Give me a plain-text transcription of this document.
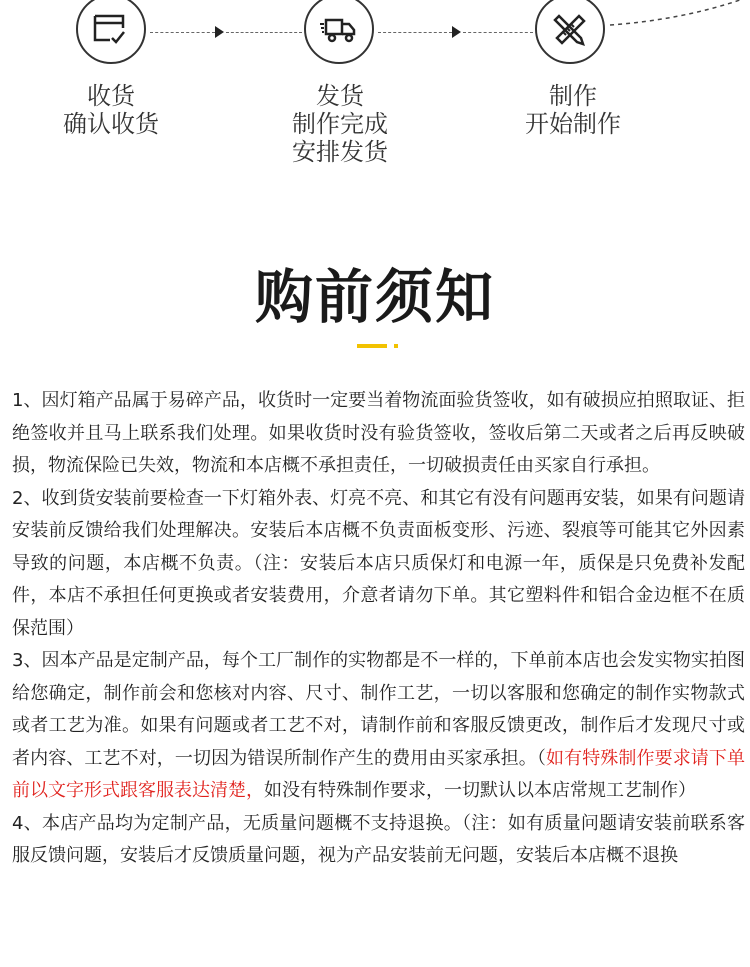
收货
确认收货
发货
制作完成
安排发货
制作
开始制作
购前须知

1、因灯箱产品属于易碎产品，收货时一定要当着物流面验货签收，如有破损应拍照取证、拒绝签收并且马上联系我们处理。如果收货时没有验货签收，签收后第二天或者之后再反映破损，物流保险已失效，物流和本店概不承担责任，一切破损责任由买家自行承担。

2、收到货安装前要检查一下灯箱外表、灯亮不亮、和其它有没有问题再安装，如果有问题请安装前反馈给我们处理解决。安装后本店概不负责面板变形、污迹、裂痕等可能其它外因素导致的问题，本店概不负责。（注：安装后本店只质保灯和电源一年，质保是只免费补发配件，本店不承担任何更换或者安装费用，介意者请勿下单。其它塑料件和铝合金边框不在质保范围）

3、因本产品是定制产品，每个工厂制作的实物都是不一样的，下单前本店也会发实物实拍图给您确定，制作前会和您核对内容、尺寸、制作工艺，一切以客服和您确定的制作实物款式或者工艺为准。如果有问题或者工艺不对，请制作前和客服反馈更改，制作后才发现尺寸或者内容、工艺不对，一切因为错误所制作产生的费用由买家承担。（如有特殊制作要求请下单前以文字形式跟客服表达清楚，如没有特殊制作要求，一切默认以本店常规工艺制作）

4、本店产品均为定制产品，无质量问题概不支持退换。（注：如有质量问题请安装前联系客服反馈问题，安装后才反馈质量问题，视为产品安装前无问题，安装后本店概不退换
